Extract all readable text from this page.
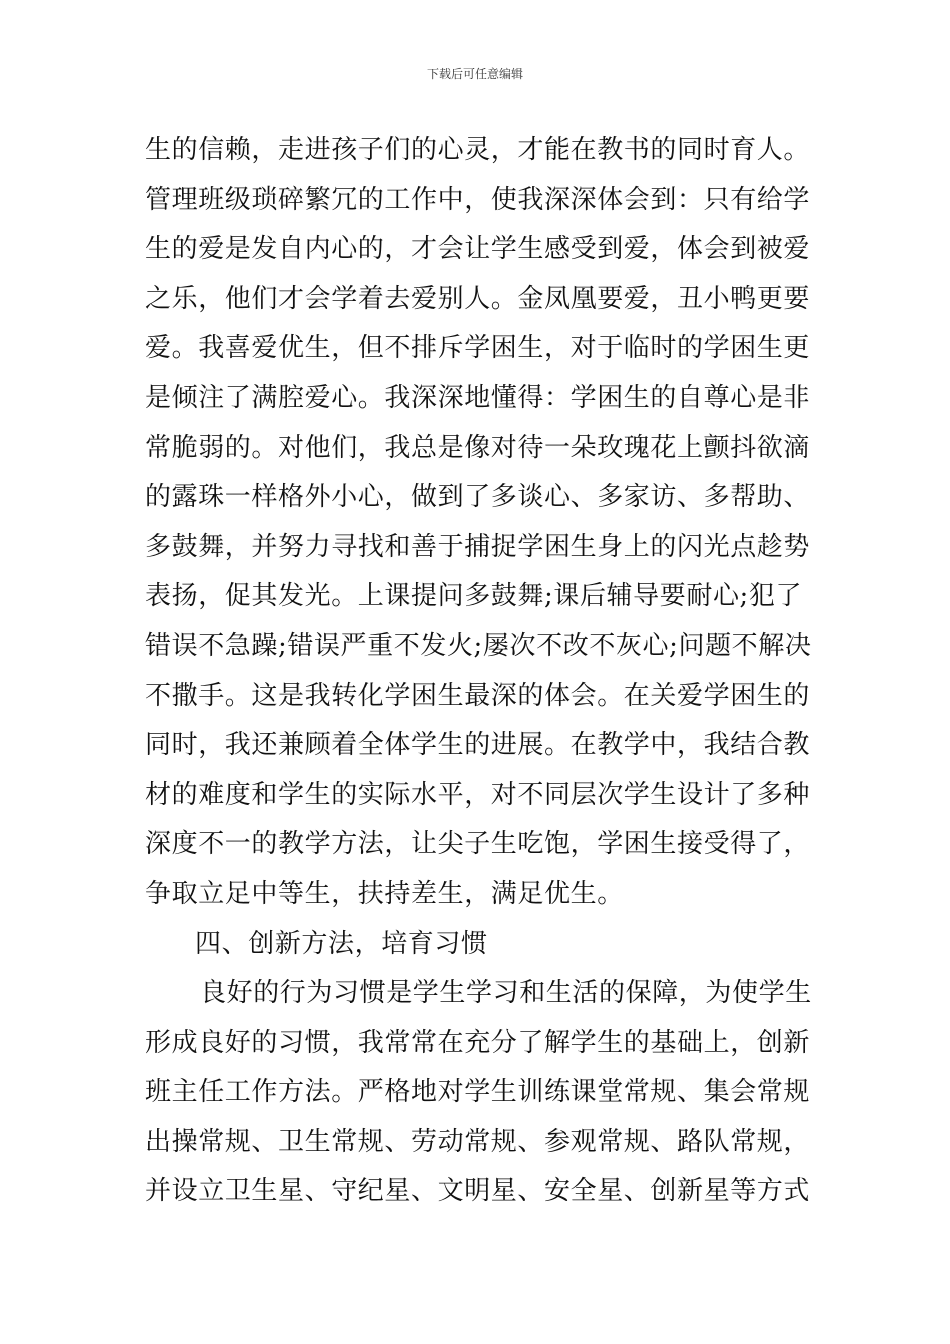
下载后可任意编辑
生的信赖，走进孩子们的心灵，才能在教书的同时育人。
管理班级琐碎繁冗的工作中，使我深深体会到：只有给学
生的爱是发自内心的，才会让学生感受到爱，体会到被爱
之乐，他们才会学着去爱别人。金凤凰要爱，丑小鸭更要
爱。我喜爱优生，但不排斥学困生，对于临时的学困生更
是倾注了满腔爱心。我深深地懂得：学困生的自尊心是非
常脆弱的。对他们，我总是像对待一朵玫瑰花上颤抖欲滴
的露珠一样格外小心，做到了多谈心、多家访、多帮助、
多鼓舞，并努力寻找和善于捕捉学困生身上的闪光点趁势
表扬，促其发光。上课提问多鼓舞;课后辅导要耐心;犯了
错误不急躁;错误严重不发火;屡次不改不灰心;问题不解决
不撒手。这是我转化学困生最深的体会。在关爱学困生的
同时，我还兼顾着全体学生的进展。在教学中，我结合教
材的难度和学生的实际水平，对不同层次学生设计了多种
深度不一的教学方法，让尖子生吃饱，学困生接受得了，
争取立足中等生，扶持差生，满足优生。
四、创新方法，培育习惯
良好的行为习惯是学生学习和生活的保障，为使学生
形成良好的习惯，我常常在充分了解学生的基础上，创新
班主任工作方法。严格地对学生训练课堂常规、集会常规
出操常规、卫生常规、劳动常规、参观常规、路队常规，
并设立卫生星、守纪星、文明星、安全星、创新星等方式
